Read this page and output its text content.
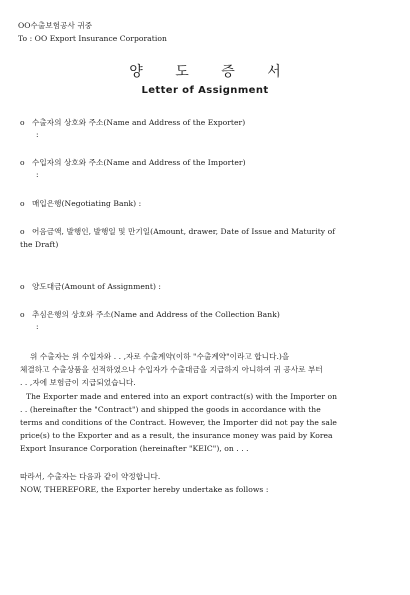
OO수출보험공사 귀중
To : OO Export Insurance Corporation
양 도 증 서
Letter of Assignment
o 수출자의 상호와 주소(Name and Address of the Exporter)
:
o 수입자의 상호와 주소(Name and Address of the Importer)
:
o 매입은행(Negotiating Bank) :
o 어음금액, 발행인, 발행일 및 만기일(Amount, drawer, Date of Issue and Maturity of
the Draft)
o 양도대금(Amount of Assignment) :
o 추심은행의 상호와 주소(Name and Address of the Collection Bank)
:
위 수출자는 위 수입자와 . . ,자로 수출계약(이하 "수출계약"이라고 합니다.)을
체결하고 수출상품을 선적하였으나 수입자가 수출대금을 지급하지 아니하여 귀 공사로 부터
. . ,자에 보험금이 지급되었습니다.
The Exporter made and entered into an export contract(s) with the Importer on
. . (hereinafter the "Contract") and shipped the goods in accordance with the
terms and conditions of the Contract. However, the Importer did not pay the sale
price(s) to the Exporter and as a result, the insurance money was paid by Korea
Export Insurance Corporation (hereinafter "KEIC"), on . . .
따라서, 수출자는 다음과 같이 약정합니다.
NOW, THEREFORE, the Exporter hereby undertake as follows :
